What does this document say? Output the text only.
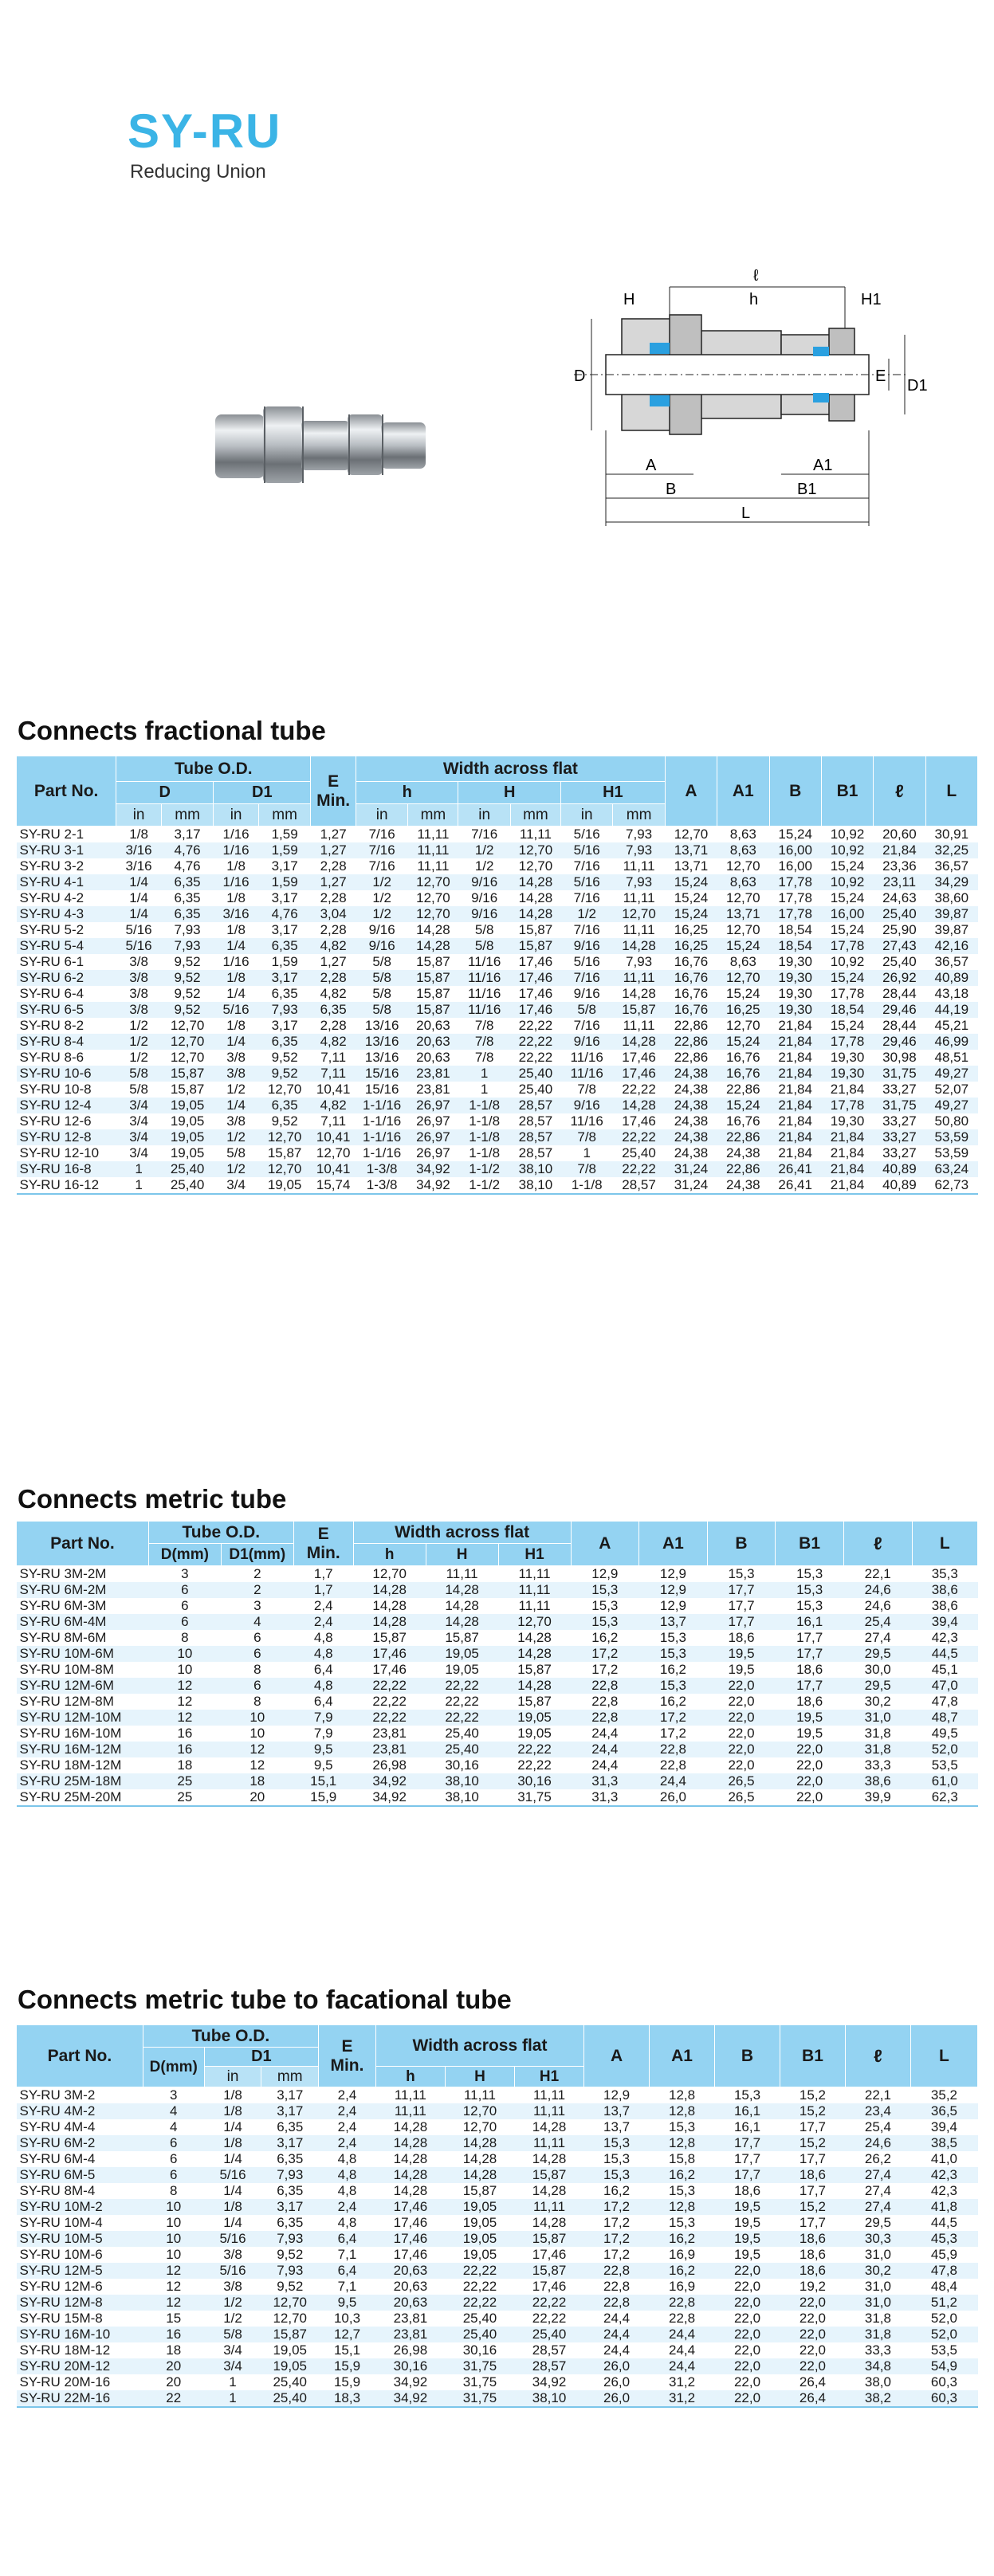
SY-RU
Reducing Union
ℓ
H	h	H1
D	E
D1
A	A1
B	B1
L
Connects fractional tube
Part No.	Tube O.D.				E
Min.	Width across flat						A	A1	B	B1	ℓ	L
	D		D1			h		H		H1							
	in	mm	in	mm		in	mm	in	mm	in	mm						
SY-RU 2-1	1/8	3,17	1/16	1,59	1,27	7/16	11,11	7/16	11,11	5/16	7,93	12,70	8,63	15,24	10,92	20,60	30,91
SY-RU 3-1	3/16	4,76	1/16	1,59	1,27	7/16	11,11	1/2	12,70	5/16	7,93	13,71	8,63	16,00	10,92	21,84	32,25
SY-RU 3-2	3/16	4,76	1/8	3,17	2,28	7/16	11,11	1/2	12,70	7/16	11,11	13,71	12,70	16,00	15,24	23,36	36,57
SY-RU 4-1	1/4	6,35	1/16	1,59	1,27	1/2	12,70	9/16	14,28	5/16	7,93	15,24	8,63	17,78	10,92	23,11	34,29
SY-RU 4-2	1/4	6,35	1/8	3,17	2,28	1/2	12,70	9/16	14,28	7/16	11,11	15,24	12,70	17,78	15,24	24,63	38,60
SY-RU 4-3	1/4	6,35	3/16	4,76	3,04	1/2	12,70	9/16	14,28	1/2	12,70	15,24	13,71	17,78	16,00	25,40	39,87
SY-RU 5-2	5/16	7,93	1/8	3,17	2,28	9/16	14,28	5/8	15,87	7/16	11,11	16,25	12,70	18,54	15,24	25,90	39,87
SY-RU 5-4	5/16	7,93	1/4	6,35	4,82	9/16	14,28	5/8	15,87	9/16	14,28	16,25	15,24	18,54	17,78	27,43	42,16
SY-RU 6-1	3/8	9,52	1/16	1,59	1,27	5/8	15,87	11/16	17,46	5/16	7,93	16,76	8,63	19,30	10,92	25,40	36,57
SY-RU 6-2	3/8	9,52	1/8	3,17	2,28	5/8	15,87	11/16	17,46	7/16	11,11	16,76	12,70	19,30	15,24	26,92	40,89
SY-RU 6-4	3/8	9,52	1/4	6,35	4,82	5/8	15,87	11/16	17,46	9/16	14,28	16,76	15,24	19,30	17,78	28,44	43,18
SY-RU 6-5	3/8	9,52	5/16	7,93	6,35	5/8	15,87	11/16	17,46	5/8	15,87	16,76	16,25	19,30	18,54	29,46	44,19
SY-RU 8-2	1/2	12,70	1/8	3,17	2,28	13/16	20,63	7/8	22,22	7/16	11,11	22,86	12,70	21,84	15,24	28,44	45,21
SY-RU 8-4	1/2	12,70	1/4	6,35	4,82	13/16	20,63	7/8	22,22	9/16	14,28	22,86	15,24	21,84	17,78	29,46	46,99
SY-RU 8-6	1/2	12,70	3/8	9,52	7,11	13/16	20,63	7/8	22,22	11/16	17,46	22,86	16,76	21,84	19,30	30,98	48,51
SY-RU 10-6	5/8	15,87	3/8	9,52	7,11	15/16	23,81	1	25,40	11/16	17,46	24,38	16,76	21,84	19,30	31,75	49,27
SY-RU 10-8	5/8	15,87	1/2	12,70	10,41	15/16	23,81	1	25,40	7/8	22,22	24,38	22,86	21,84	21,84	33,27	52,07
SY-RU 12-4	3/4	19,05	1/4	6,35	4,82	1-1/16	26,97	1-1/8	28,57	9/16	14,28	24,38	15,24	21,84	17,78	31,75	49,27
SY-RU 12-6	3/4	19,05	3/8	9,52	7,11	1-1/16	26,97	1-1/8	28,57	11/16	17,46	24,38	16,76	21,84	19,30	33,27	50,80
SY-RU 12-8	3/4	19,05	1/2	12,70	10,41	1-1/16	26,97	1-1/8	28,57	7/8	22,22	24,38	22,86	21,84	21,84	33,27	53,59
SY-RU 12-10	3/4	19,05	5/8	15,87	12,70	1-1/16	26,97	1-1/8	28,57	1	25,40	24,38	24,38	21,84	21,84	33,27	53,59
SY-RU 16-8	1	25,40	1/2	12,70	10,41	1-3/8	34,92	1-1/2	38,10	7/8	22,22	31,24	22,86	26,41	21,84	40,89	63,24
SY-RU 16-12	1	25,40	3/4	19,05	15,74	1-3/8	34,92	1-1/2	38,10	1-1/8	28,57	31,24	24,38	26,41	21,84	40,89	62,73
Connects metric tube
Part No.	Tube O.D.		E
Min.	Width across flat			A	A1	B	B1	ℓ	L
	D(mm)	D1(mm)		h	H	H1						
SY-RU 3M-2M	3	2	1,7	12,70	11,11	11,11	12,9	12,9	15,3	15,3	22,1	35,3
SY-RU 6M-2M	6	2	1,7	14,28	14,28	11,11	15,3	12,9	17,7	15,3	24,6	38,6
SY-RU 6M-3M	6	3	2,4	14,28	14,28	11,11	15,3	12,9	17,7	15,3	24,6	38,6
SY-RU 6M-4M	6	4	2,4	14,28	14,28	12,70	15,3	13,7	17,7	16,1	25,4	39,4
SY-RU 8M-6M	8	6	4,8	15,87	15,87	14,28	16,2	15,3	18,6	17,7	27,4	42,3
SY-RU 10M-6M	10	6	4,8	17,46	19,05	14,28	17,2	15,3	19,5	17,7	29,5	44,5
SY-RU 10M-8M	10	8	6,4	17,46	19,05	15,87	17,2	16,2	19,5	18,6	30,0	45,1
SY-RU 12M-6M	12	6	4,8	22,22	22,22	14,28	22,8	15,3	22,0	17,7	29,5	47,0
SY-RU 12M-8M	12	8	6,4	22,22	22,22	15,87	22,8	16,2	22,0	18,6	30,2	47,8
SY-RU 12M-10M	12	10	7,9	22,22	22,22	19,05	22,8	17,2	22,0	19,5	31,0	48,7
SY-RU 16M-10M	16	10	7,9	23,81	25,40	19,05	24,4	17,2	22,0	19,5	31,8	49,5
SY-RU 16M-12M	16	12	9,5	23,81	25,40	22,22	24,4	22,8	22,0	22,0	31,8	52,0
SY-RU 18M-12M	18	12	9,5	26,98	30,16	22,22	24,4	22,8	22,0	22,0	33,3	53,5
SY-RU 25M-18M	25	18	15,1	34,92	38,10	30,16	31,3	24,4	26,5	22,0	38,6	61,0
SY-RU 25M-20M	25	20	15,9	34,92	38,10	31,75	31,3	26,0	26,5	22,0	39,9	62,3
Connects metric tube to facational tube
Part No.	Tube O.D.			E
Min.	Width across flat			A	A1	B	B1	ℓ	L
	D(mm)	D1											
		in	mm		h	H	H1						
SY-RU 3M-2	3	1/8	3,17	2,4	11,11	11,11	11,11	12,9	12,8	15,3	15,2	22,1	35,2
SY-RU 4M-2	4	1/8	3,17	2,4	11,11	12,70	11,11	13,7	12,8	16,1	15,2	23,4	36,5
SY-RU 4M-4	4	1/4	6,35	2,4	14,28	12,70	14,28	13,7	15,3	16,1	17,7	25,4	39,4
SY-RU 6M-2	6	1/8	3,17	2,4	14,28	14,28	11,11	15,3	12,8	17,7	15,2	24,6	38,5
SY-RU 6M-4	6	1/4	6,35	4,8	14,28	14,28	14,28	15,3	15,8	17,7	17,7	26,2	41,0
SY-RU 6M-5	6	5/16	7,93	4,8	14,28	14,28	15,87	15,3	16,2	17,7	18,6	27,4	42,3
SY-RU 8M-4	8	1/4	6,35	4,8	14,28	15,87	14,28	16,2	15,3	18,6	17,7	27,4	42,3
SY-RU 10M-2	10	1/8	3,17	2,4	17,46	19,05	11,11	17,2	12,8	19,5	15,2	27,4	41,8
SY-RU 10M-4	10	1/4	6,35	4,8	17,46	19,05	14,28	17,2	15,3	19,5	17,7	29,5	44,5
SY-RU 10M-5	10	5/16	7,93	6,4	17,46	19,05	15,87	17,2	16,2	19,5	18,6	30,3	45,3
SY-RU 10M-6	10	3/8	9,52	7,1	17,46	19,05	17,46	17,2	16,9	19,5	18,6	31,0	45,9
SY-RU 12M-5	12	5/16	7,93	6,4	20,63	22,22	15,87	22,8	16,2	22,0	18,6	30,2	47,8
SY-RU 12M-6	12	3/8	9,52	7,1	20,63	22,22	17,46	22,8	16,9	22,0	19,2	31,0	48,4
SY-RU 12M-8	12	1/2	12,70	9,5	20,63	22,22	22,22	22,8	22,8	22,0	22,0	31,0	51,2
SY-RU 15M-8	15	1/2	12,70	10,3	23,81	25,40	22,22	24,4	22,8	22,0	22,0	31,8	52,0
SY-RU 16M-10	16	5/8	15,87	12,7	23,81	25,40	25,40	24,4	24,4	22,0	22,0	31,8	52,0
SY-RU 18M-12	18	3/4	19,05	15,1	26,98	30,16	28,57	24,4	24,4	22,0	22,0	33,3	53,5
SY-RU 20M-12	20	3/4	19,05	15,9	30,16	31,75	28,57	26,0	24,4	22,0	22,0	34,8	54,9
SY-RU 20M-16	20	1	25,40	15,9	34,92	31,75	34,92	26,0	31,2	22,0	26,4	38,0	60,3
SY-RU 22M-16	22	1	25,40	18,3	34,92	31,75	38,10	26,0	31,2	22,0	26,4	38,2	60,3
